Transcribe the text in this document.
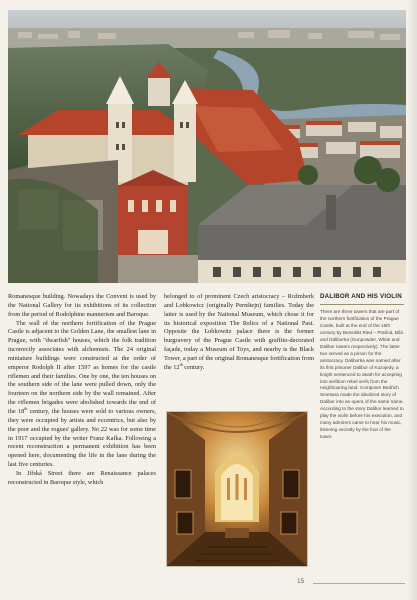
Romanesque building. Nowadays the Convent is used by the National Gallery for its exhibitions of its collection from the period of Rodolphine mannerism and Baroque.

The wall of the northern fortification of the Prague Castle is adjacent to the Golden Lane, the smallest lane in Prague, with "dwarfish" houses, which the folk tradition incorrectly associates with alchemists. The 24 original miniature buildings were constructed at the order of emperor Rodolph II after 1597 as homes for the castle riflemen and their families. One by one, the ten houses on the southern side of the lane were pulled down, only the fourteen on the northern side by the wall remained. After the riflemen brigades were abolished towards the end of the 18th century, the houses were sold to various owners, they were occupied by artists and eccentrics, but also by the poor and the rogues' gallery. No 22 was for some time in 1917 occupied by the writer Franz Kafka. Following a recent reconstruction a permanent exhibition has been opened here, documenting the life in the lane during the last five centuries.

In Jiřská Street there are Renaissance palaces reconstructed in Baroque style, which

belonged to of prominent Czech aristocracy – Rožmberk and Lobkowicz (originally Pernštejn) families. Today the latter is used by the National Museum, which chose it for its historical exposition The Relics of a National Past. Opposite the Lobkowitz palace there is the former burgravery of the Prague Castle with graffito-decorated façade, today a Museum of Toys, and nearby is the Black Tower, a part of the original Romanesque fortification from the 12th century.

DALIBOR AND HIS VIOLIN

There are three towers that are part of the northern fortification of the Prague Castle, built at the end of the 15th century by Benedikt Ried – Prašná, Bílá and Daliborka (Gunpowder, White and Dalibor towers respectively). The latter two served as a prison for the aristocracy. Daliborka was named after its first prisoner Dalibor of Kozojedy, a knight sentenced to death for accepting into serfdom rebel serfs from the neighbouring land. Composer Bedřich Smetana made the idealized story of Dalibor into an opera of the same name. According to the story Dalibor learned to play the violin before his execution, and many admirers came to hear his music, listening secretly by the foot of the tower.

15
